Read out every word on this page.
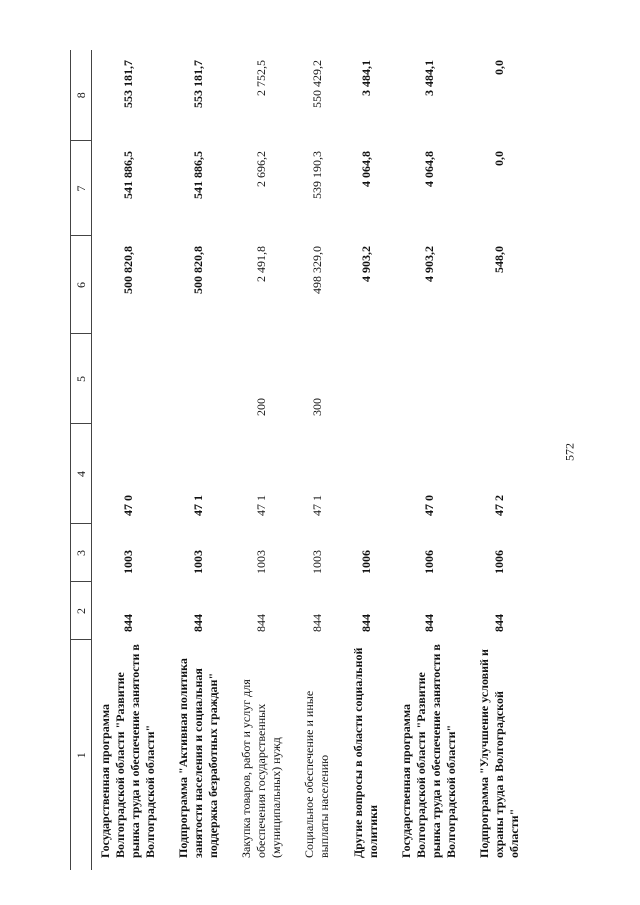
572
1	2	3	4	5	6	7	8
Государственная программа Волгоградской области "Развитие рынка труда и обеспечение занятости в Волгоградской области"	844	1003	47 0		500 820,8	541 886,5	553 181,7
Подпрограмма "Активная политика занятости населения и социальная поддержка безработных граждан"	844	1003	47 1		500 820,8	541 886,5	553 181,7
Закупка товаров, работ и услуг для обеспечения государственных (муниципальных) нужд	844	1003	47 1	200	2 491,8	2 696,2	2 752,5
Социальное обеспечение и иные выплаты населению	844	1003	47 1	300	498 329,0	539 190,3	550 429,2
Другие вопросы в области социальной политики	844	1006			4 903,2	4 064,8	3 484,1
Государственная программа Волгоградской области "Развитие рынка труда и обеспечение занятости в Волгоградской области"	844	1006	47 0		4 903,2	4 064,8	3 484,1
Подпрограмма "Улучшение условий и охраны труда в Волгоградской области"	844	1006	47 2		548,0	0,0	0,0
